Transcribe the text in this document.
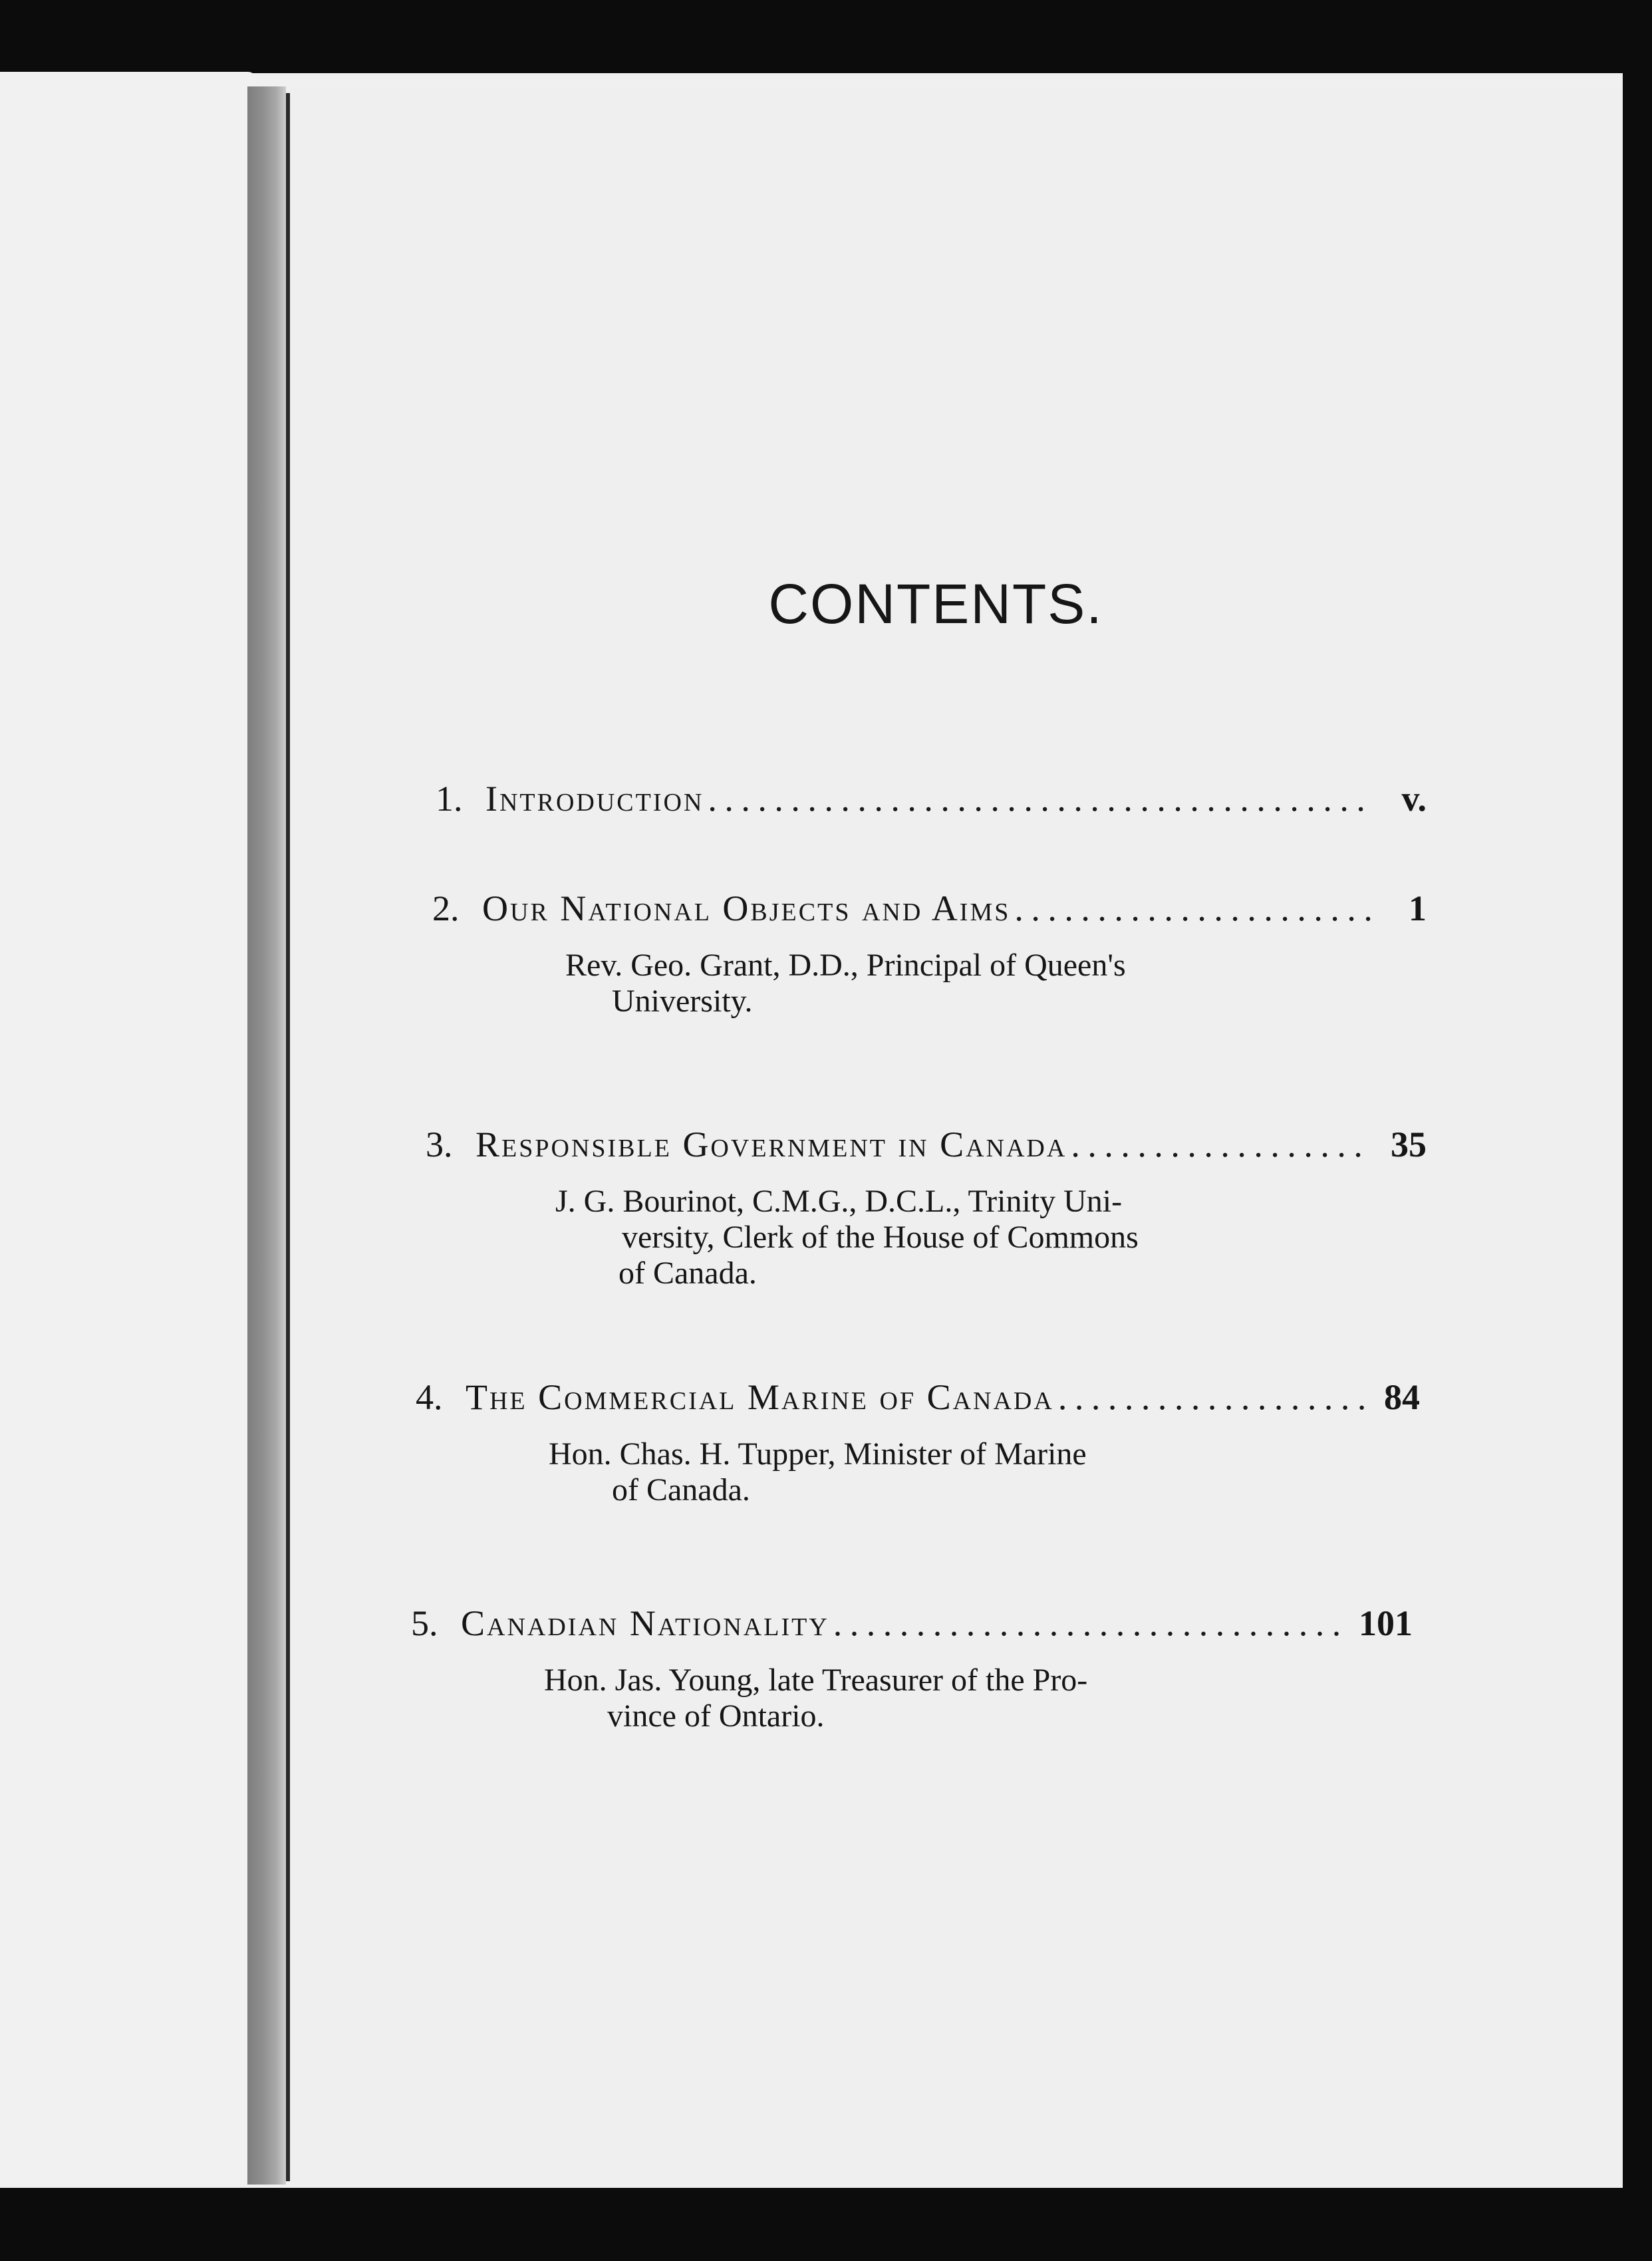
CONTENTS.
1. Introduction . . .	v.
2. Our National Objects and Aims . . .	1
Rev. Geo. Grant, D.D., Principal of Queen's
University.
3. Responsible Government in Canada . . .	35
J. G. Bourinot, C.M.G., D.C.L., Trinity Uni-
versity, Clerk of the House of Commons
of Canada.
4. The Commercial Marine of Canada . . .	84
Hon. Chas. H. Tupper, Minister of Marine
of Canada.
5. Canadian Nationality . . .	101
Hon. Jas. Young, late Treasurer of the Pro-
vince of Ontario.
